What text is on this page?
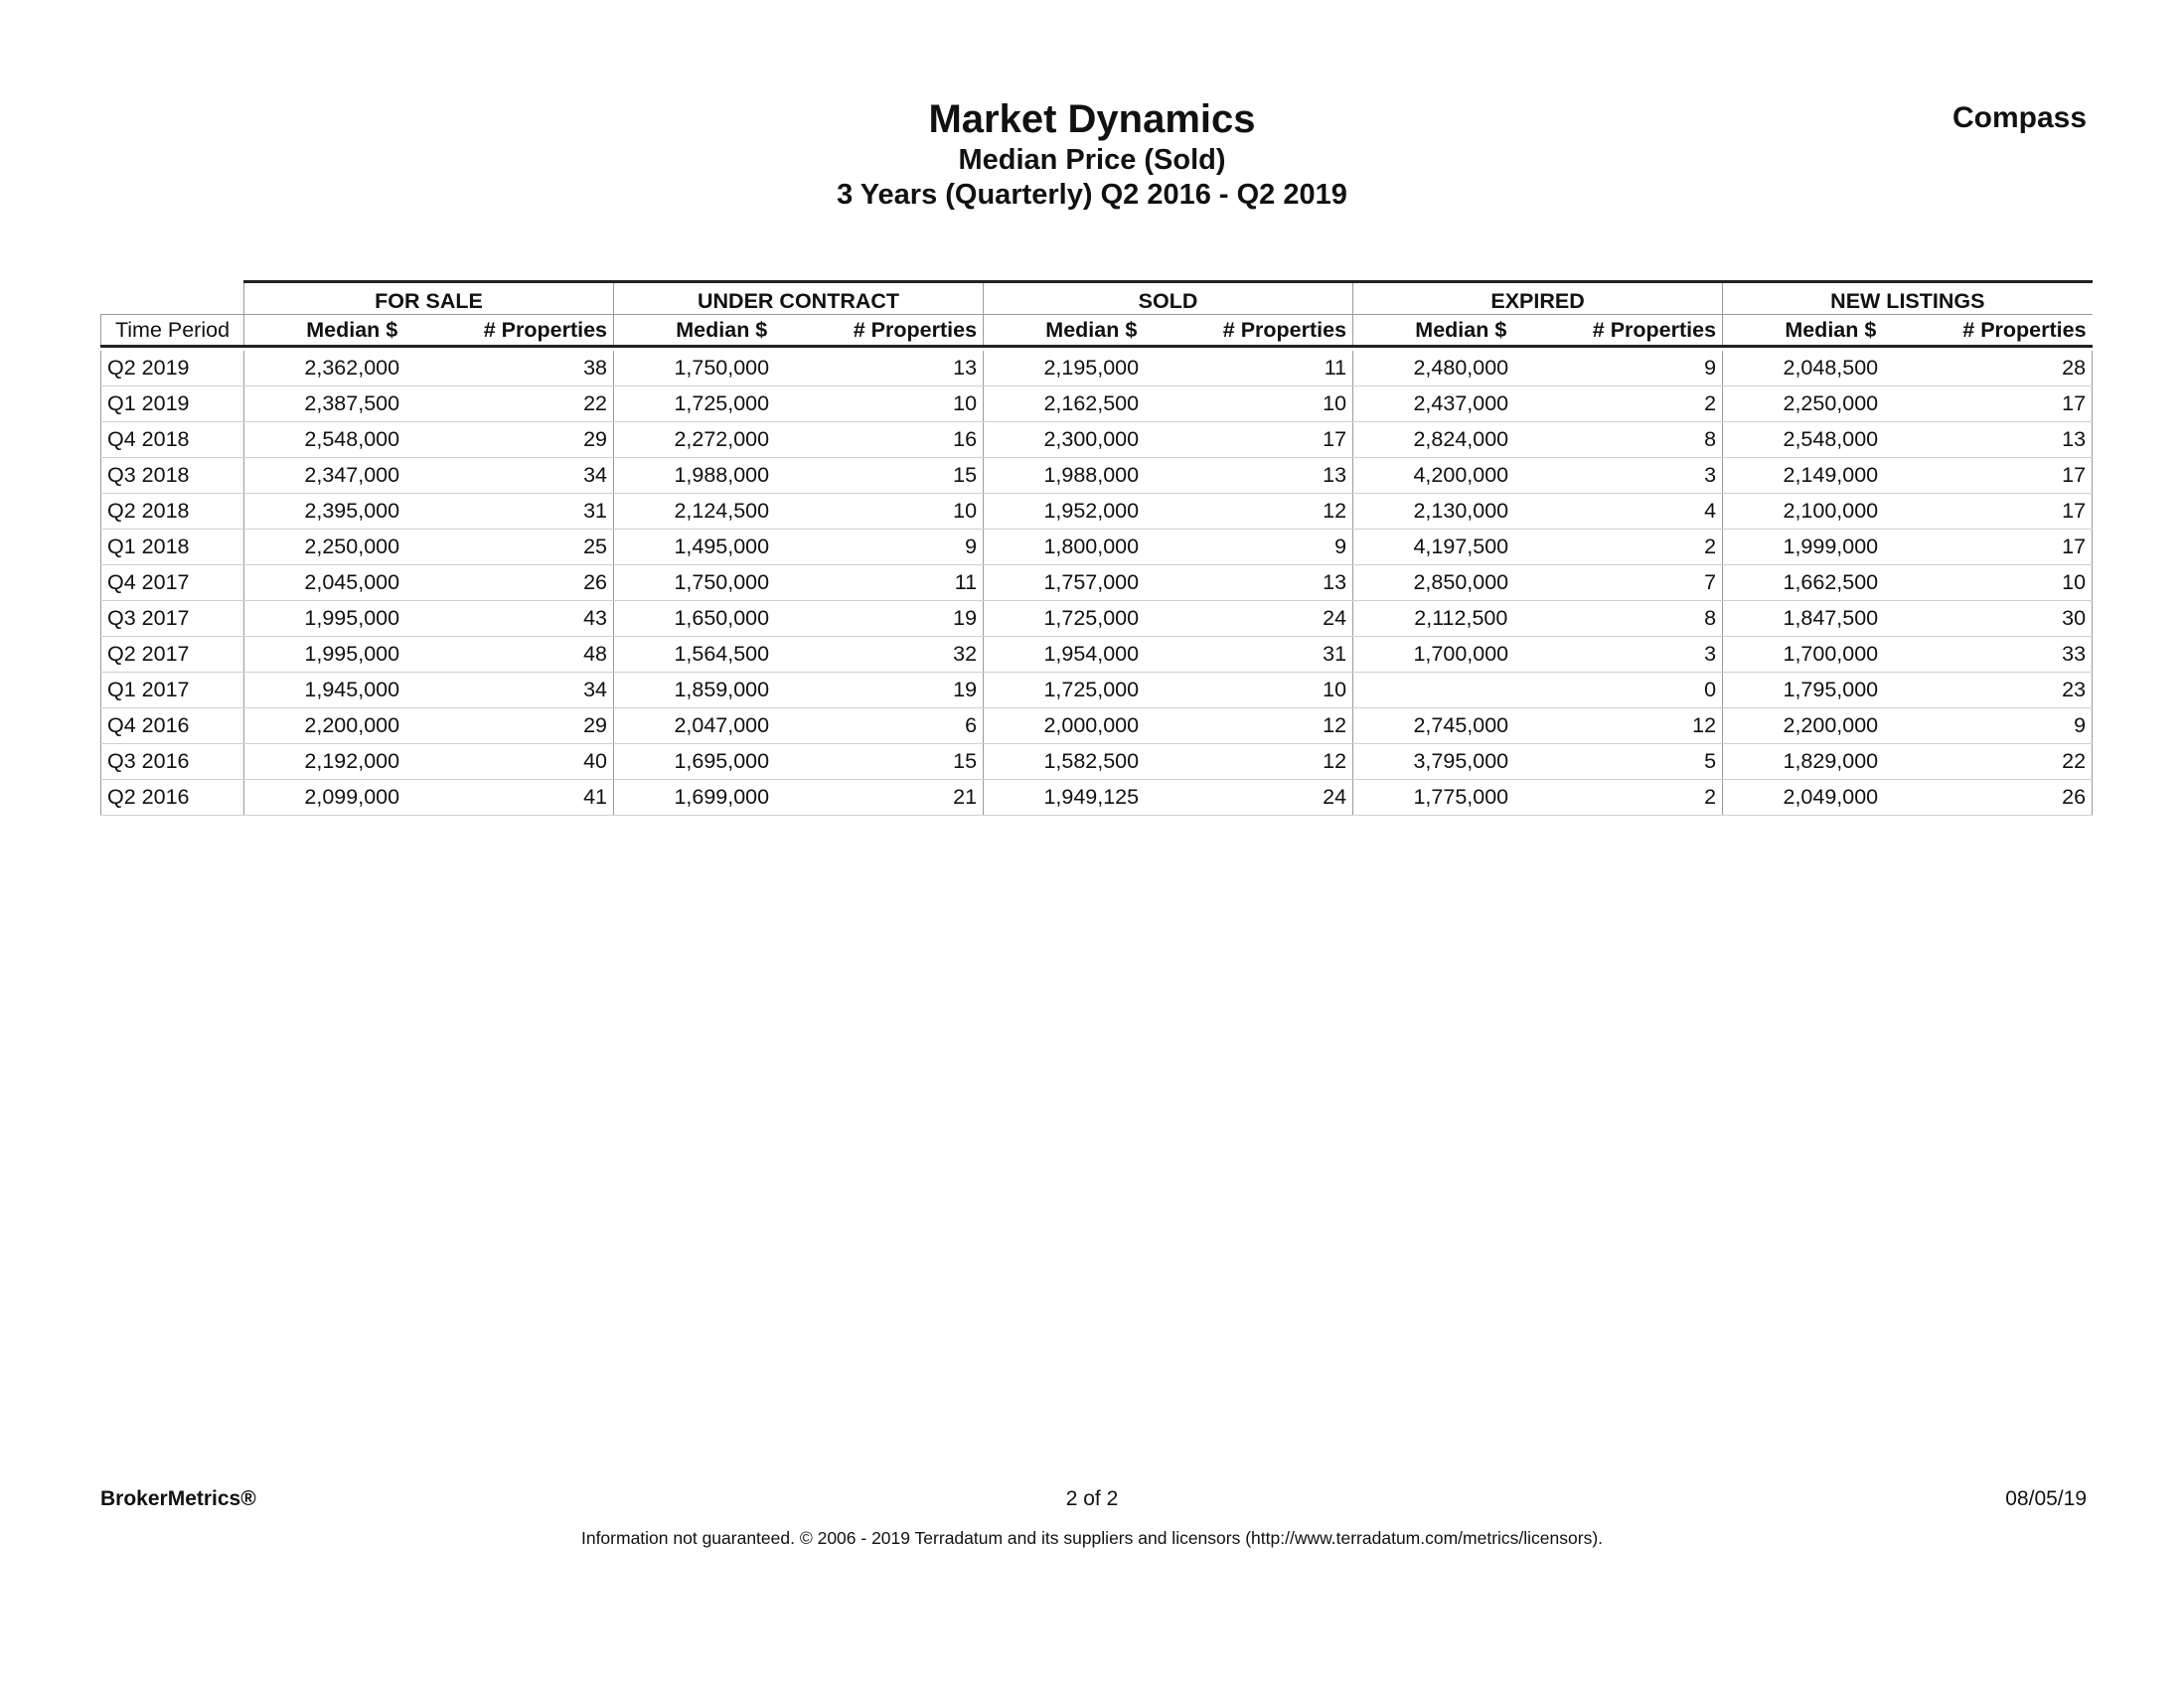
Market Dynamics
Median Price (Sold)
3 Years (Quarterly) Q2 2016 - Q2 2019
Compass
	FOR SALE		UNDER CONTRACT		SOLD		EXPIRED		NEW LISTINGS	
Time Period	Median $	# Properties	Median $	# Properties	Median $	# Properties	Median $	# Properties	Median $	# Properties

Q2 2019	2,362,000	38	1,750,000	13	2,195,000	11	2,480,000	9	2,048,500	28
Q1 2019	2,387,500	22	1,725,000	10	2,162,500	10	2,437,000	2	2,250,000	17
Q4 2018	2,548,000	29	2,272,000	16	2,300,000	17	2,824,000	8	2,548,000	13
Q3 2018	2,347,000	34	1,988,000	15	1,988,000	13	4,200,000	3	2,149,000	17
Q2 2018	2,395,000	31	2,124,500	10	1,952,000	12	2,130,000	4	2,100,000	17
Q1 2018	2,250,000	25	1,495,000	9	1,800,000	9	4,197,500	2	1,999,000	17
Q4 2017	2,045,000	26	1,750,000	11	1,757,000	13	2,850,000	7	1,662,500	10
Q3 2017	1,995,000	43	1,650,000	19	1,725,000	24	2,112,500	8	1,847,500	30
Q2 2017	1,995,000	48	1,564,500	32	1,954,000	31	1,700,000	3	1,700,000	33
Q1 2017	1,945,000	34	1,859,000	19	1,725,000	10		0	1,795,000	23
Q4 2016	2,200,000	29	2,047,000	6	2,000,000	12	2,745,000	12	2,200,000	9
Q3 2016	2,192,000	40	1,695,000	15	1,582,500	12	3,795,000	5	1,829,000	22
Q2 2016	2,099,000	41	1,699,000	21	1,949,125	24	1,775,000	2	2,049,000	26
BrokerMetrics®	2 of 2	08/05/19
Information not guaranteed. © 2006 - 2019 Terradatum and its suppliers and licensors (http://www.terradatum.com/metrics/licensors).
